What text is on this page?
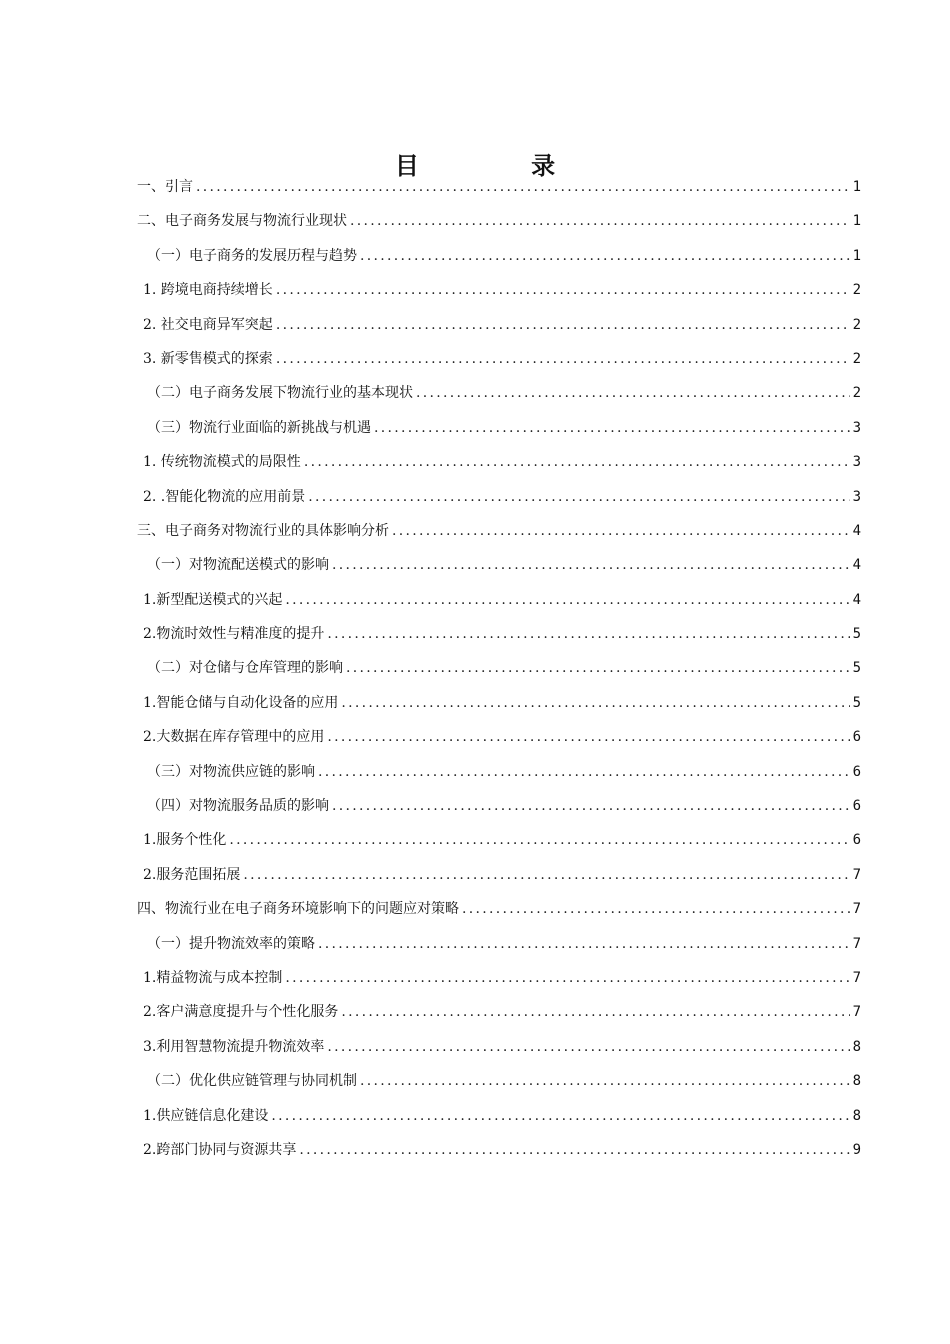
目 录
一、引言 .....	1
二、电子商务发展与物流行业现状 .....	1
（一）电子商务的发展历程与趋势 .....	1
1. 跨境电商持续增长 .....	2
2. 社交电商异军突起 .....	2
3. 新零售模式的探索 .....	2
（二）电子商务发展下物流行业的基本现状 .....	2
（三）物流行业面临的新挑战与机遇 .....	3
1. 传统物流模式的局限性 .....	3
2. .智能化物流的应用前景 .....	3
三、电子商务对物流行业的具体影响分析 .....	4
（一）对物流配送模式的影响 .....	4
1.新型配送模式的兴起 .....	4
2.物流时效性与精准度的提升 .....	5
（二）对仓储与仓库管理的影响 .....	5
1.智能仓储与自动化设备的应用 .....	5
2.大数据在库存管理中的应用 .....	6
（三）对物流供应链的影响 .....	6
（四）对物流服务品质的影响 .....	6
1.服务个性化 .....	6
2.服务范围拓展 .....	7
四、物流行业在电子商务环境影响下的问题应对策略 .....	7
（一）提升物流效率的策略 .....	7
1.精益物流与成本控制 .....	7
2.客户满意度提升与个性化服务 .....	7
3.利用智慧物流提升物流效率 .....	8
（二）优化供应链管理与协同机制 .....	8
1.供应链信息化建设 .....	8
2.跨部门协同与资源共享 .....	9
